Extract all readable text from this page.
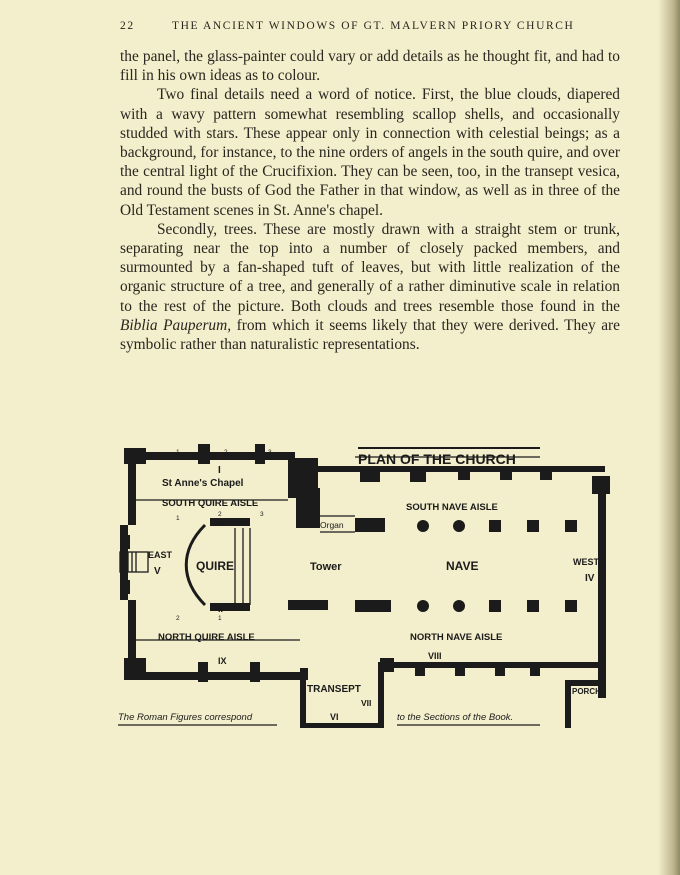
22	THE ANCIENT WINDOWS OF GT. MALVERN PRIORY CHURCH

the panel, the glass-painter could vary or add details as he thought fit, and had to fill in his own ideas as to colour.

Two final details need a word of notice. First, the blue clouds, diapered with a wavy pattern somewhat resembling scallop shells, and occasionally studded with stars. These appear only in connection with celestial beings; as a background, for instance, to the nine orders of angels in the south quire, and over the central light of the Crucifixion. They can be seen, too, in the transept vesica, and round the busts of God the Father in that window, as well as in three of the Old Testament scenes in St. Anne's chapel.

Secondly, trees. These are mostly drawn with a straight stem or trunk, separating near the top into a number of closely packed members, and surmounted by a fan-shaped tuft of leaves, but with little realization of the organic structure of a tree, and generally of a rather diminutive scale in relation to the rest of the picture. Both clouds and trees resemble those found in the Biblia Pauperum, from which it seems likely that they were derived. They are symbolic rather than naturalistic representations.

PLAN OF THE CHURCH
I
St Anne's Chapel
SOUTH QUIRE AISLE
Organ
SOUTH NAVE AISLE
EAST
V	QUIRE	Tower	NAVE	WEST
IV
III
II
NORTH QUIRE AISLE	NORTH NAVE AISLE
IX	VIII
TRANSEPT
VII
VI
PORCH
The Roman Figures correspond	to the Sections of the Book.
1	2	3
1
2	3
2	1
3	1
